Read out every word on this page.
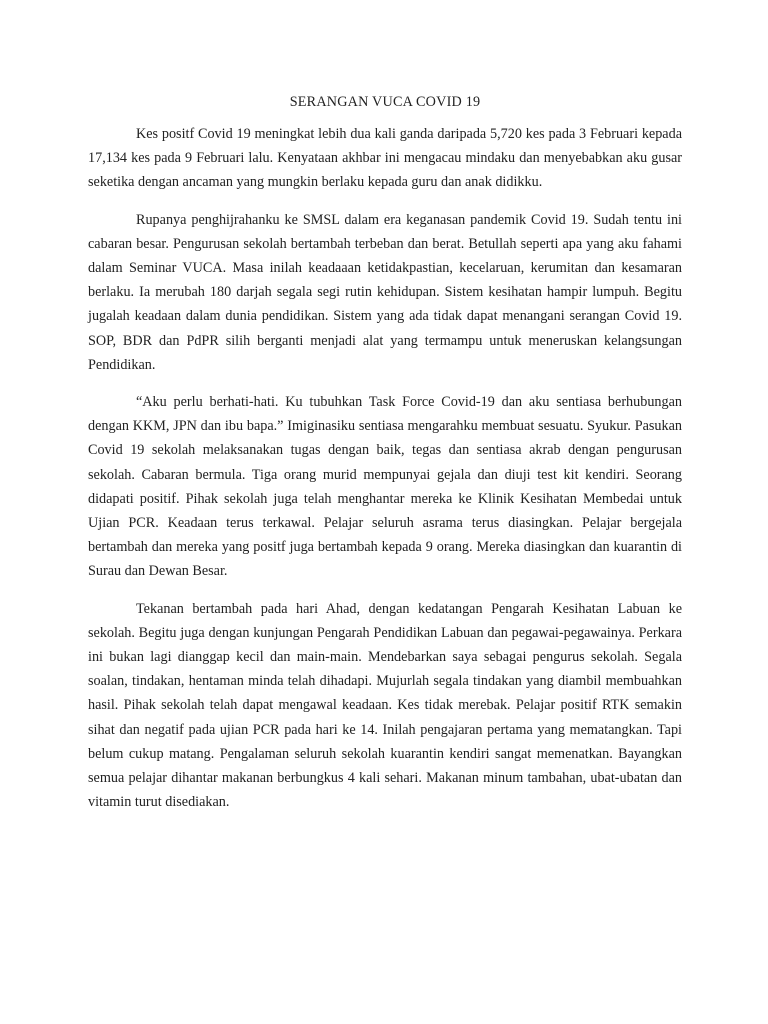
SERANGAN VUCA COVID 19

Kes positf Covid 19 meningkat lebih dua kali ganda daripada 5,720 kes pada 3 Februari kepada 17,134 kes pada 9 Februari lalu. Kenyataan akhbar ini mengacau mindaku dan menyebabkan aku gusar seketika dengan ancaman yang mungkin berlaku kepada guru dan anak didikku.

Rupanya penghijrahanku ke SMSL dalam era keganasan pandemik Covid 19. Sudah tentu ini cabaran besar. Pengurusan sekolah bertambah terbeban dan berat. Betullah seperti apa yang aku fahami dalam Seminar VUCA. Masa inilah keadaaan ketidakpastian, kecelaruan, kerumitan dan kesamaran berlaku. Ia merubah 180 darjah segala segi rutin kehidupan. Sistem kesihatan hampir lumpuh. Begitu jugalah keadaan dalam dunia pendidikan. Sistem yang ada tidak dapat menangani serangan Covid 19. SOP, BDR dan PdPR silih berganti menjadi alat yang termampu untuk meneruskan kelangsungan Pendidikan.

“Aku perlu berhati-hati. Ku tubuhkan Task Force Covid-19 dan aku sentiasa berhubungan dengan KKM, JPN dan ibu bapa.” Imiginasiku sentiasa mengarahku membuat sesuatu. Syukur. Pasukan Covid 19 sekolah melaksanakan tugas dengan baik, tegas dan sentiasa akrab dengan pengurusan sekolah. Cabaran bermula. Tiga orang murid mempunyai gejala dan diuji test kit kendiri. Seorang didapati positif. Pihak sekolah juga telah menghantar mereka ke Klinik Kesihatan Membedai untuk Ujian PCR. Keadaan terus terkawal. Pelajar seluruh asrama terus diasingkan. Pelajar bergejala bertambah dan mereka yang positf juga bertambah kepada 9 orang. Mereka diasingkan dan kuarantin di Surau dan Dewan Besar.

Tekanan bertambah pada hari Ahad, dengan kedatangan Pengarah Kesihatan Labuan ke sekolah. Begitu juga dengan kunjungan Pengarah Pendidikan Labuan dan pegawai-pegawainya. Perkara ini bukan lagi dianggap kecil dan main-main. Mendebarkan saya sebagai pengurus sekolah. Segala soalan, tindakan, hentaman minda telah dihadapi. Mujurlah segala tindakan yang diambil membuahkan hasil. Pihak sekolah telah dapat mengawal keadaan. Kes tidak merebak. Pelajar positif RTK semakin sihat dan negatif pada ujian PCR pada hari ke 14. Inilah pengajaran pertama yang mematangkan. Tapi belum cukup matang. Pengalaman seluruh sekolah kuarantin kendiri sangat memenatkan. Bayangkan semua pelajar dihantar makanan berbungkus 4 kali sehari. Makanan minum tambahan, ubat-ubatan dan vitamin turut disediakan.
